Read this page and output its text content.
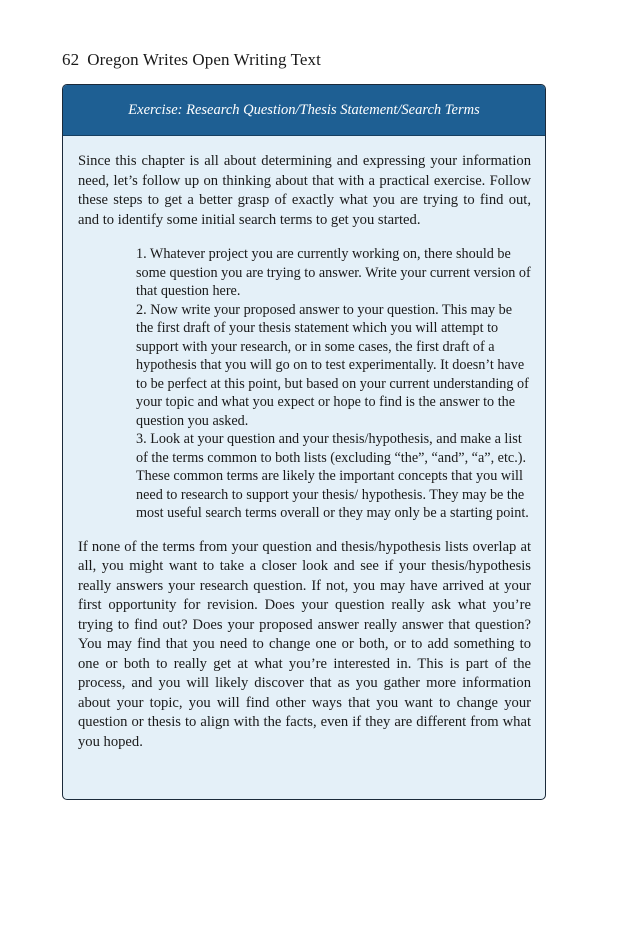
62 Oregon Writes Open Writing Text
Exercise: Research Question/Thesis Statement/Search Terms

Since this chapter is all about determining and expressing your information need, let’s follow up on thinking about that with a practical exercise. Follow these steps to get a better grasp of exactly what you are trying to find out, and to identify some initial search terms to get you started.

1. Whatever project you are currently working on, there should be some question you are trying to answer. Write your current version of that question here.
2. Now write your proposed answer to your question. This may be the first draft of your thesis statement which you will attempt to support with your research, or in some cases, the first draft of a hypothesis that you will go on to test experimentally. It doesn’t have to be perfect at this point, but based on your current understanding of your topic and what you expect or hope to find is the answer to the question you asked.
3. Look at your question and your thesis/hypothesis, and make a list of the terms common to both lists (excluding “the”, “and”, “a”, etc.). These common terms are likely the important concepts that you will need to research to support your thesis/ hypothesis. They may be the most useful search terms overall or they may only be a starting point.

If none of the terms from your question and thesis/hypothesis lists overlap at all, you might want to take a closer look and see if your thesis/hypothesis really answers your research question. If not, you may have arrived at your first opportunity for revision. Does your question really ask what you’re trying to find out? Does your proposed answer really answer that question? You may find that you need to change one or both, or to add something to one or both to really get at what you’re interested in. This is part of the process, and you will likely discover that as you gather more information about your topic, you will find other ways that you want to change your question or thesis to align with the facts, even if they are different from what you hoped.
